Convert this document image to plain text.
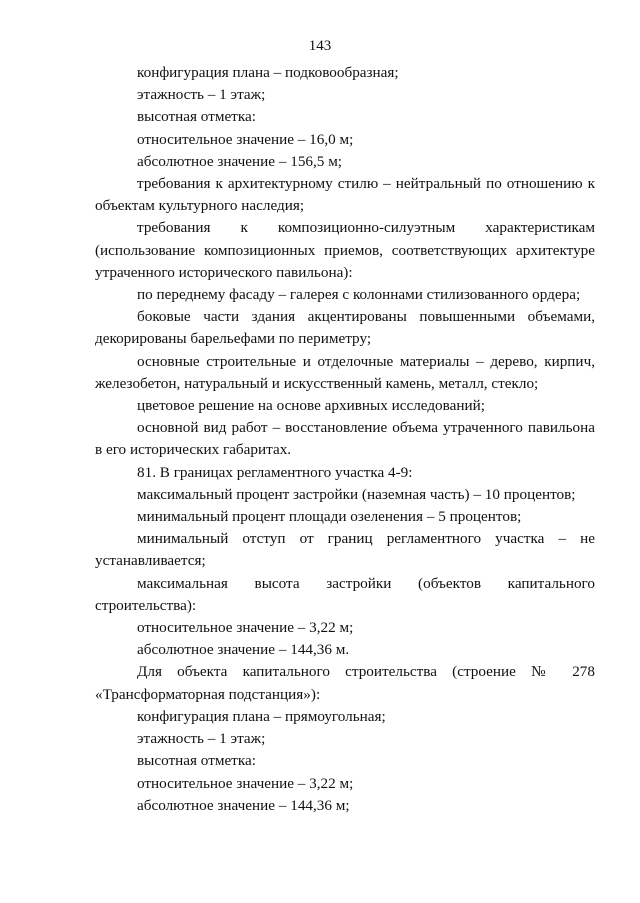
143

конфигурация плана – подковообразная;

этажность – 1 этаж;

высотная отметка:

относительное значение – 16,0 м;

абсолютное значение – 156,5 м;

требования к архитектурному стилю – нейтральный по отношению к объектам культурного наследия;

требования к композиционно-силуэтным характеристикам (использование композиционных приемов, соответствующих архитектуре утраченного исторического павильона):

по переднему фасаду – галерея с колоннами стилизованного ордера;

боковые части здания акцентированы повышенными объемами, декорированы барельефами по периметру;

основные строительные и отделочные материалы – дерево, кирпич, железобетон, натуральный и искусственный камень, металл, стекло;

цветовое решение на основе архивных исследований;

основной вид работ – восстановление объема утраченного павильона в его исторических габаритах.

81. В границах регламентного участка 4-9:

максимальный процент застройки (наземная часть) – 10 процентов;

минимальный процент площади озеленения – 5 процентов;

минимальный отступ от границ регламентного участка – не устанавливается;

максимальная высота застройки (объектов капитального строительства):

относительное значение – 3,22 м;

абсолютное значение – 144,36 м.

Для объекта капитального строительства (строение № 278 «Трансформаторная подстанция»):

конфигурация плана – прямоугольная;

этажность – 1 этаж;

высотная отметка:

относительное значение – 3,22 м;

абсолютное значение – 144,36 м;
